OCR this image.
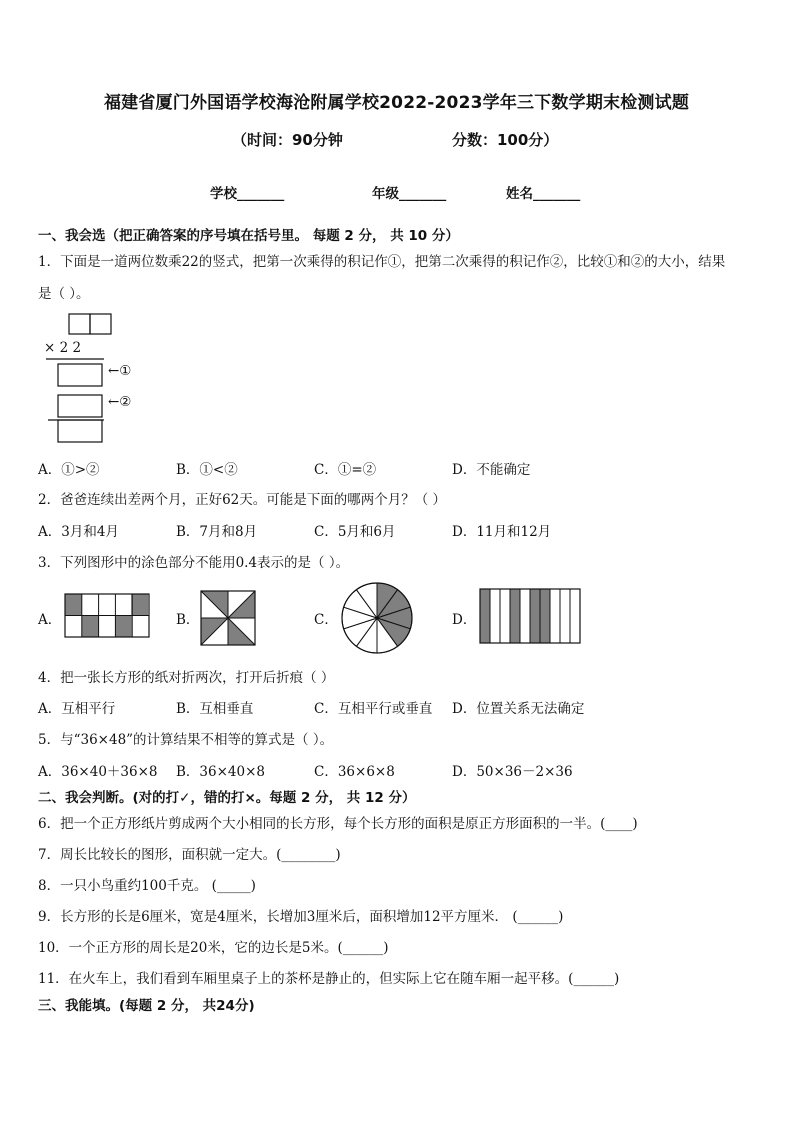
福建省厦门外国语学校海沧附属学校2022-2023学年三下数学期末检测试题
（时间：90分钟	分数：100分）
学校_______	年级_______	姓名_______
一、我会选（把正确答案的序号填在括号里。 每题 2 分， 共 10 分）
1．下面是一道两位数乘22的竖式，把第一次乘得的积记作①，把第二次乘得的积记作②，比较①和②的大小，结果
是（ ）。
× 2 2
←①
←②
A．①>②	B．①<②	C．①=②	D．不能确定
2．爸爸连续出差两个月，正好62天。可能是下面的哪两个月？（ ）
A．3月和4月	B．7月和8月	C．5月和6月	D．11月和12月
3．下列图形中的涂色部分不能用0.4表示的是（ ）。
A．	B．	C．	D．
4．把一张长方形的纸对折两次，打开后折痕（ ）
A．互相平行	B．互相垂直	C．互相平行或垂直 D．位置关系无法确定
5．与“36×48”的计算结果不相等的算式是（ ）。
A．36×40＋36×8 B．36×40×8	C．36×6×8	D．50×36－2×36
二、我会判断。(对的打✓，错的打×。每题 2 分， 共 12 分）
6．把一个正方形纸片剪成两个大小相同的长方形，每个长方形的面积是原正方形面积的一半。(____)
7．周长比较长的图形，面积就一定大。(________)
8．一只小鸟重约100千克。 (_____)
9．长方形的长是6厘米，宽是4厘米，长增加3厘米后，面积增加12平方厘米． (______)
10．一个正方形的周长是20米，它的边长是5米。(______)
11．在火车上，我们看到车厢里桌子上的茶杯是静止的，但实际上它在随车厢一起平移。(______)
三、我能填。(每题 2 分， 共24分)
